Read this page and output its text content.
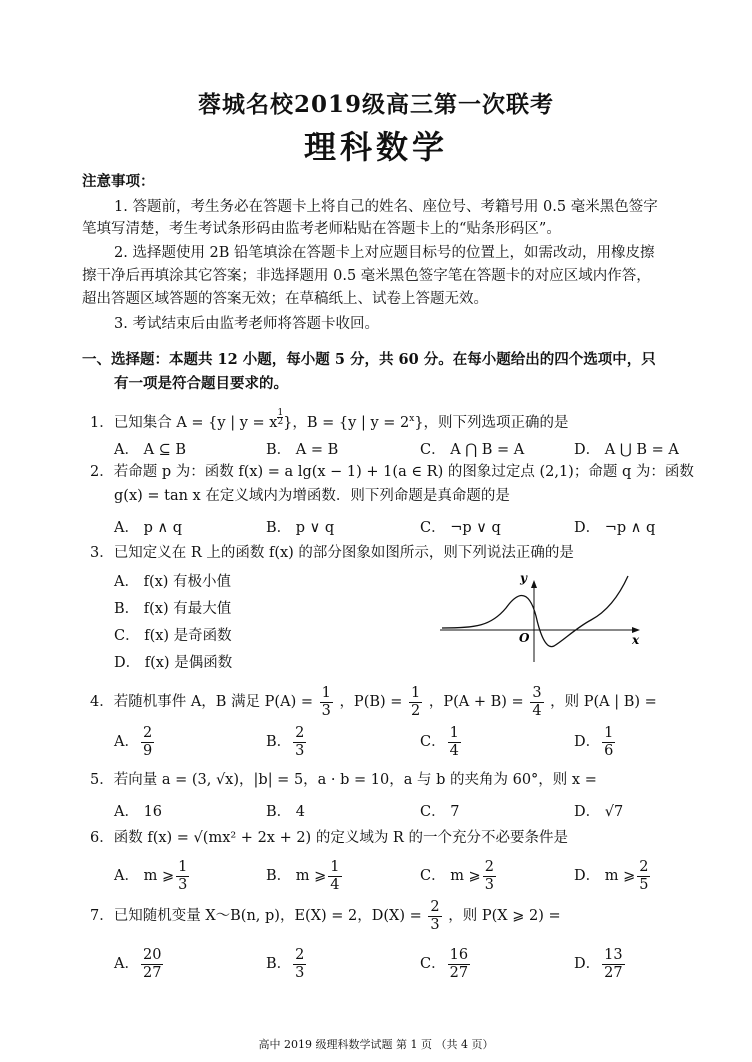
蓉城名校2019级高三第一次联考
理科数学
注意事项：
1. 答题前，考生务必在答题卡上将自己的姓名、座位号、考籍号用 0.5 毫米黑色签字
笔填写清楚，考生考试条形码由监考老师粘贴在答题卡上的“贴条形码区”。
2. 选择题使用 2B 铅笔填涂在答题卡上对应题目标号的位置上，如需改动，用橡皮擦
擦干净后再填涂其它答案；非选择题用 0.5 毫米黑色签字笔在答题卡的对应区域内作答，
超出答题区域答题的答案无效；在草稿纸上、试卷上答题无效。
3. 考试结束后由监考老师将答题卡收回。
一、选择题：本题共 12 小题，每小题 5 分，共 60 分。在每小题给出的四个选项中，只
有一项是符合题目要求的。
1．已知集合 A = {y | y = x $^{\frac{1}{2}}$ }，B = {y | $y = 2^x$}，则下列选项正确的是
A． A ⊆ B	B． A = B	C． A ⋂ B = A	D． A ⋃ B = A
2．若命题 p 为：函数 f(x) = a lg(x − 1) + 1(a ∈ R) 的图象过定点 (2,1)；命题 q 为：函数
g(x) = tan x 在定义域内为增函数．则下列命题是真命题的是
A． p ∧ q	B． p ∨ q	C． ¬p ∨ q	D． ¬p ∧ q
3．已知定义在 R 上的函数 f(x) 的部分图象如图所示，则下列说法正确的是
A． f(x) 有极小值
B． f(x) 有最大值
C． f(x) 是奇函数
D． f(x) 是偶函数
y
x
O
4．若随机事件 A，B 满足 $P(A) = \frac{1}{3}$ ，$P(B) = \frac{1}{2}$ ，$P(A + B) = \frac{3}{4}$ ，则 P(A | B) =
A． $\frac{2}{9}$	B． $\frac{2}{3}$	C． $\frac{1}{4}$	D． $\frac{1}{6}$
5．若向量 a = (3, √x)，|b| = 5，a · b = 10，a 与 b 的夹角为 60°，则 x =
A． 16	B． 4	C． 7	D． √7
6．函数 f(x) = √(mx² + 2x + 2) 的定义域为 R 的一个充分不必要条件是
A． m ⩾ $\frac{1}{3}$	B． m ⩾ $\frac{1}{4}$	C． m ⩾ $\frac{2}{3}$	D． m ⩾ $\frac{2}{5}$
7．已知随机变量 X～B(n, p)，E(X) = 2，$D(X) = \frac{2}{3}$ ，则 P(X ⩾ 2) =
A． $\frac{20}{27}$	B． $\frac{2}{3}$	C． $\frac{16}{27}$	D． $\frac{13}{27}$
高中 2019 级理科数学试题 第 1 页 （共 4 页）
